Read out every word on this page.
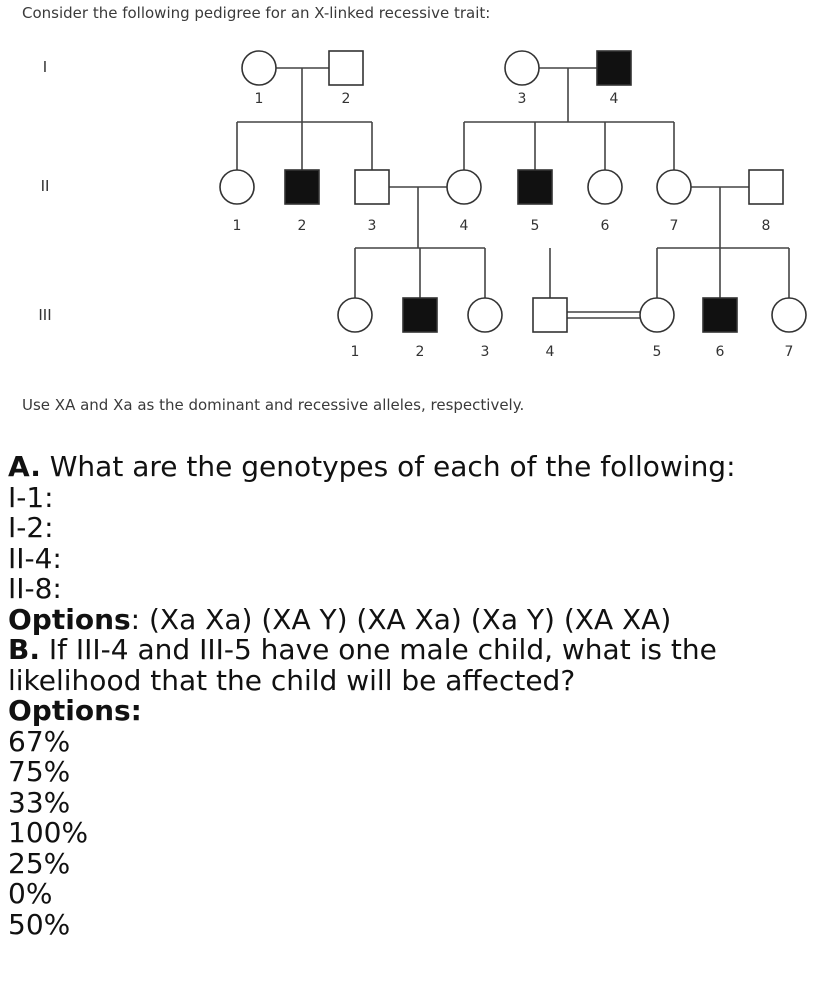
Consider the following pedigree for an X-linked recessive trait:
I
II
III
1	2	3	4
1	2	3	4	5	6	7	8
1	2	3	4	5	6	7
Use XA and Xa as the dominant and recessive alleles, respectively.
A. What are the genotypes of each of the following:
I-1:
I-2:
II-4:
II-8:
Options: (Xa Xa) (XA Y) (XA Xa) (Xa Y) (XA XA)
B. If III-4 and III-5 have one male child, what is the likelihood that the child will be affected?
Options:
67%
75%
33%
100%
25%
0%
50%
